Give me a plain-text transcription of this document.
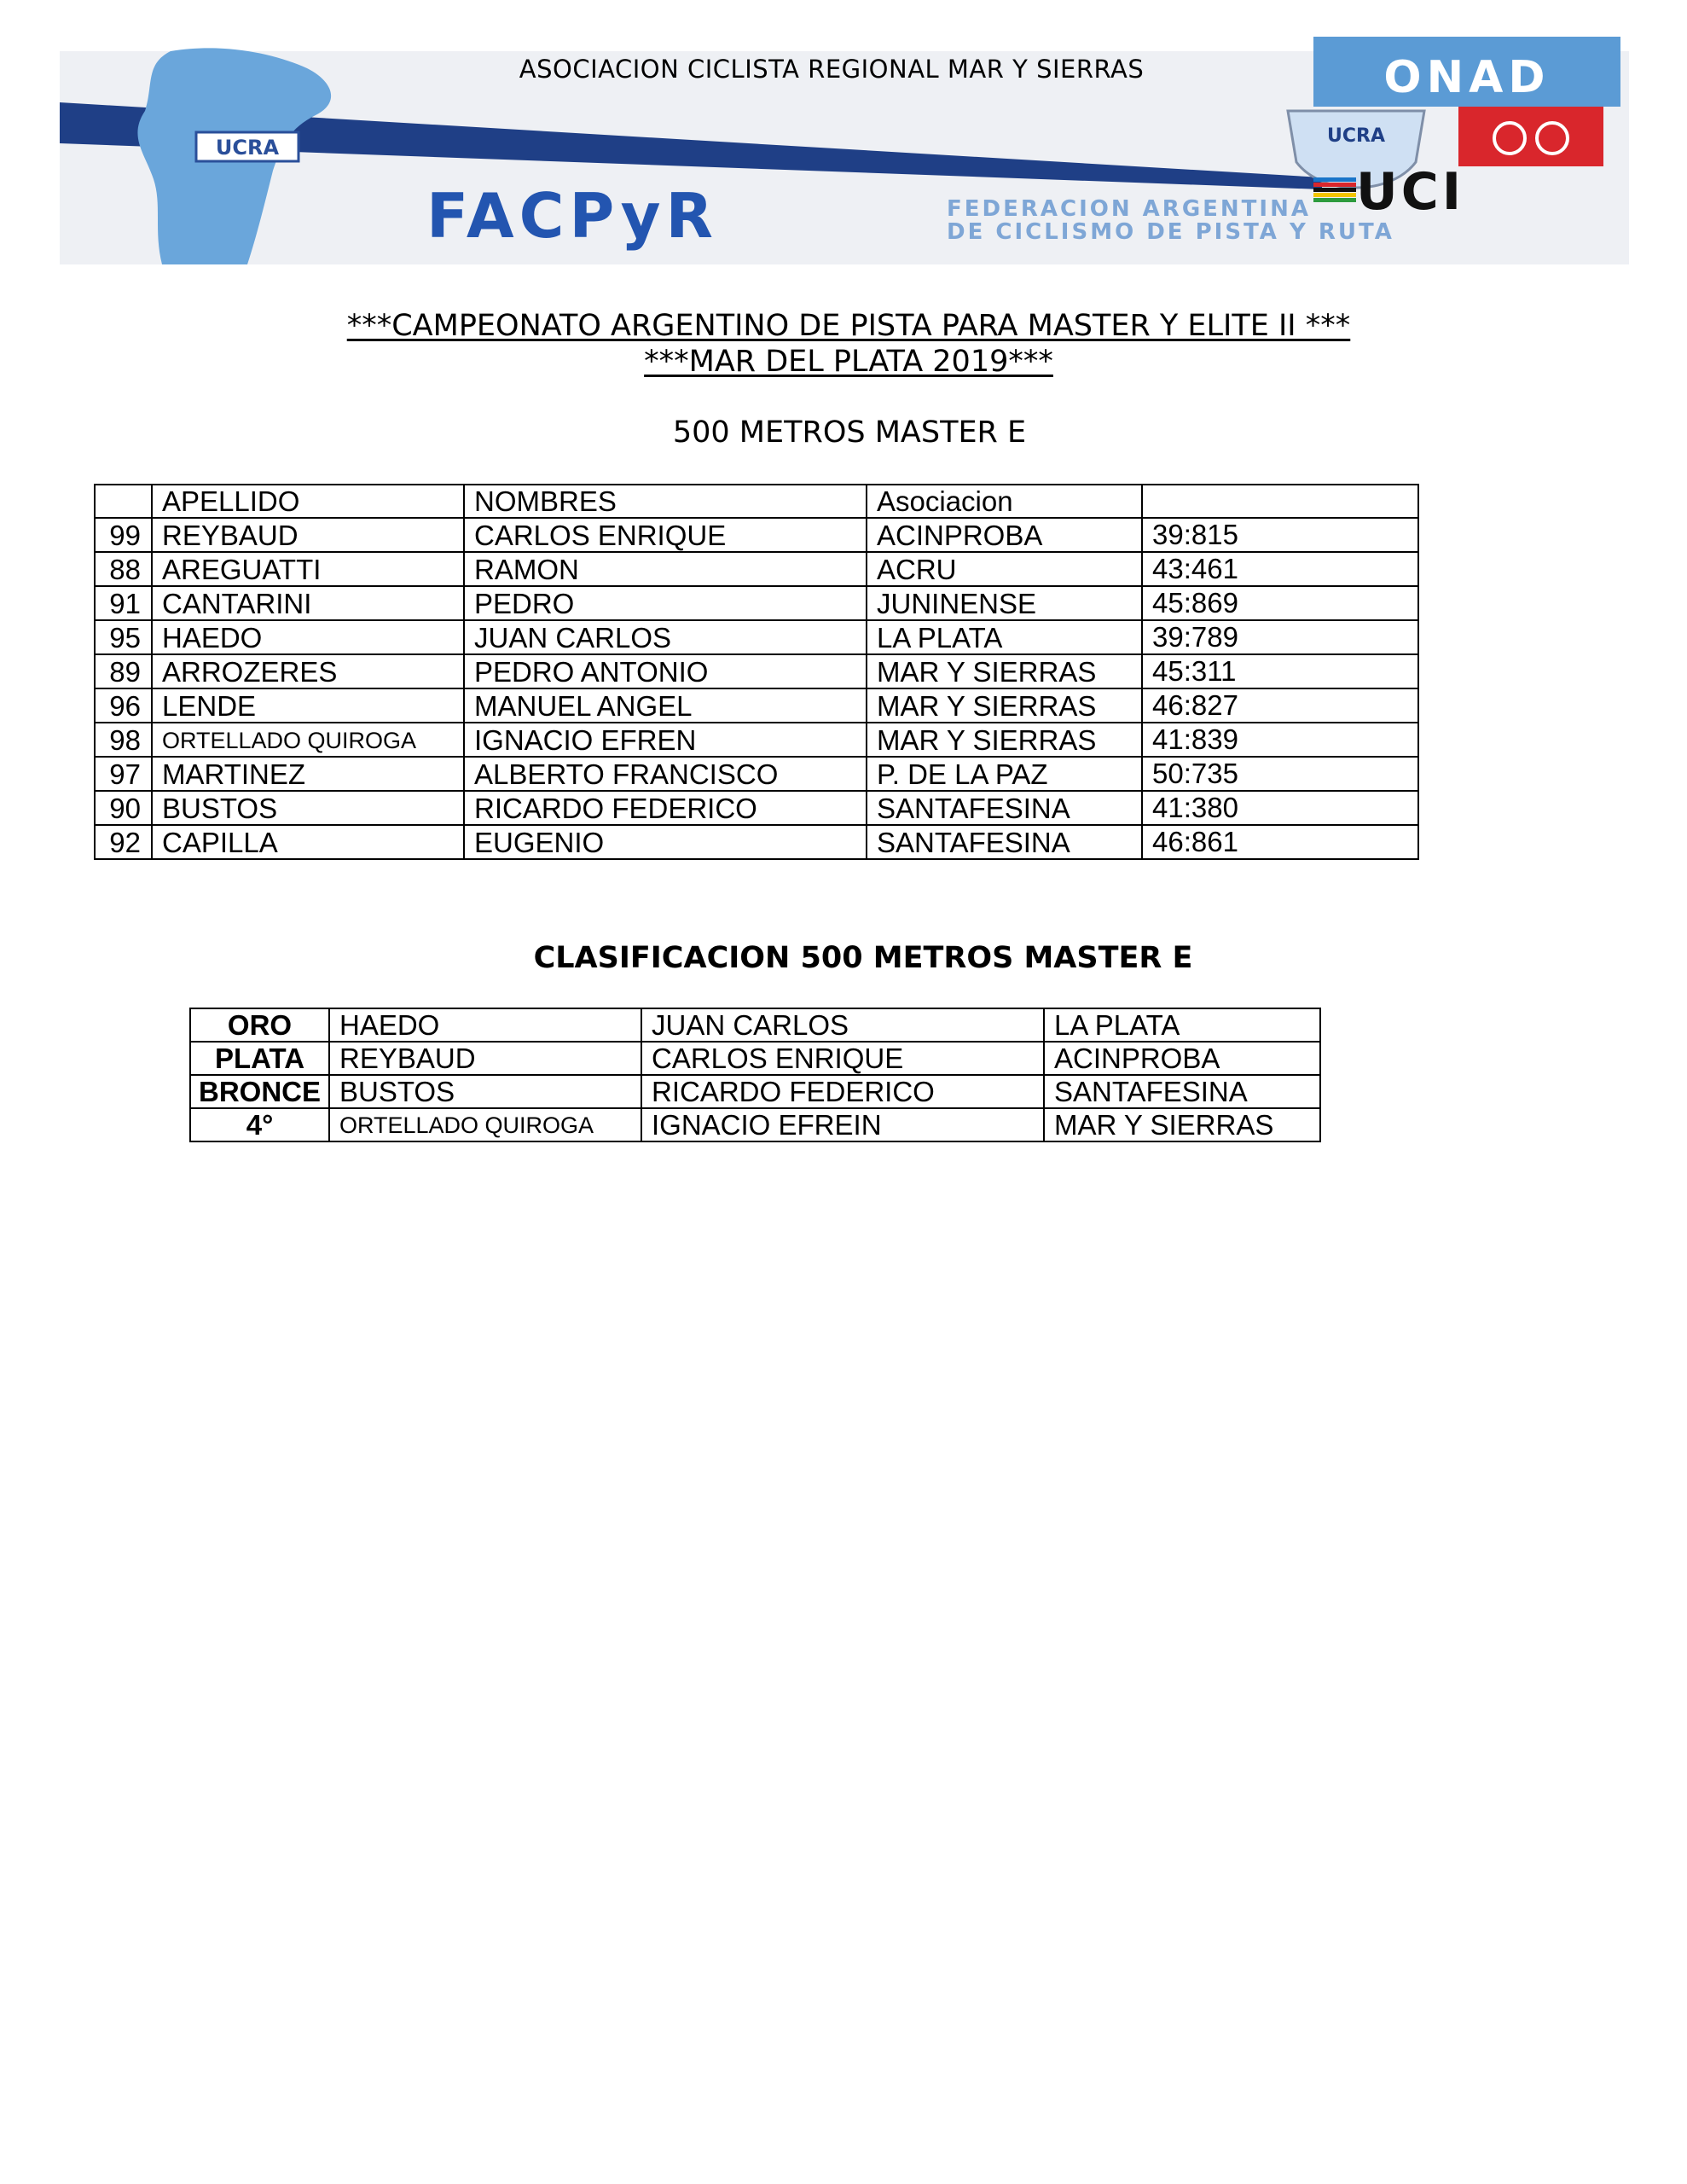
UCRA
FACPyR	FEDERACION ARGENTINA
DE CICLISMO DE PISTA Y RUTA
ONAD
UCRA
UCI
ASOCIACION CICLISTA REGIONAL MAR Y SIERRAS
***CAMPEONATO ARGENTINO DE PISTA PARA MASTER Y ELITE II ***
***MAR DEL PLATA 2019***
500 METROS MASTER E
	APELLIDO	NOMBRES	Asociacion	
99	REYBAUD	CARLOS ENRIQUE	ACINPROBA	39:815
88	AREGUATTI	RAMON	ACRU	43:461
91	CANTARINI	PEDRO	JUNINENSE	45:869
95	HAEDO	JUAN CARLOS	LA PLATA	39:789
89	ARROZERES	PEDRO ANTONIO	MAR Y SIERRAS	45:311
96	LENDE	MANUEL ANGEL	MAR Y SIERRAS	46:827
98	ORTELLADO QUIROGA	IGNACIO EFREN	MAR Y SIERRAS	41:839
97	MARTINEZ	ALBERTO FRANCISCO	P. DE LA PAZ	50:735
90	BUSTOS	RICARDO FEDERICO	SANTAFESINA	41:380
92	CAPILLA	EUGENIO	SANTAFESINA	46:861
CLASIFICACION 500 METROS MASTER E
ORO	HAEDO	JUAN CARLOS	LA PLATA
PLATA	REYBAUD	CARLOS ENRIQUE	ACINPROBA
BRONCE	BUSTOS	RICARDO FEDERICO	SANTAFESINA
4°	ORTELLADO QUIROGA	IGNACIO EFREIN	MAR Y SIERRAS
